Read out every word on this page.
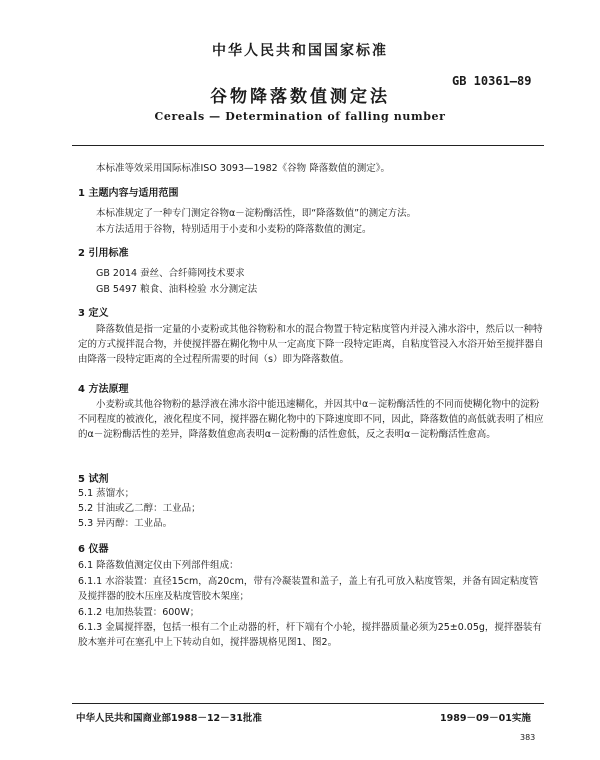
中华人民共和国国家标准
GB 10361—89
谷物降落数值测定法
Cereals — Determination of falling number
本标准等效采用国际标准ISO 3093—1982《谷物 降落数值的测定》。
1 主题内容与适用范围
本标准规定了一种专门测定谷物α－淀粉酶活性，即“降落数值”的测定方法。
本方法适用于谷物，特别适用于小麦和小麦粉的降落数值的测定。
2 引用标准
GB 2014 蚕丝、合纤筛网技术要求
GB 5497 粮食、油料检验 水分测定法
3 定义
降落数值是指一定量的小麦粉或其他谷物粉和水的混合物置于特定粘度管内并浸入沸水浴中，然后以一种特定的方式搅拌混合物，并使搅拌器在糊化物中从一定高度下降一段特定距离，自粘度管浸入水浴开始至搅拌器自由降落一段特定距离的全过程所需要的时间（s）即为降落数值。
4 方法原理
小麦粉或其他谷物粉的悬浮液在沸水浴中能迅速糊化，并因其中α－淀粉酶活性的不同而使糊化物中的淀粉不同程度的被液化，液化程度不同，搅拌器在糊化物中的下降速度即不同，因此，降落数值的高低就表明了相应的α－淀粉酶活性的差异，降落数值愈高表明α－淀粉酶的活性愈低，反之表明α－淀粉酶活性愈高。
5 试剂
5.1 蒸馏水；
5.2 甘油或乙二醇：工业品；
5.3 异丙醇：工业品。
6 仪器
6.1 降落数值测定仪由下列部件组成：
6.1.1 水浴装置：直径15cm，高20cm，带有冷凝装置和盖子，盖上有孔可放入粘度管架，并备有固定粘度管及搅拌器的胶木压座及粘度管胶木架座；
6.1.2 电加热装置：600W；
6.1.3 金属搅拌器，包括一根有二个止动器的杆，杆下端有个小轮，搅拌器质量必须为25±0.05g，搅拌器装有胶木塞并可在塞孔中上下转动自如，搅拌器规格见图1、图2。
中华人民共和国商业部1988－12－31批准	1989－09－01实施
383
